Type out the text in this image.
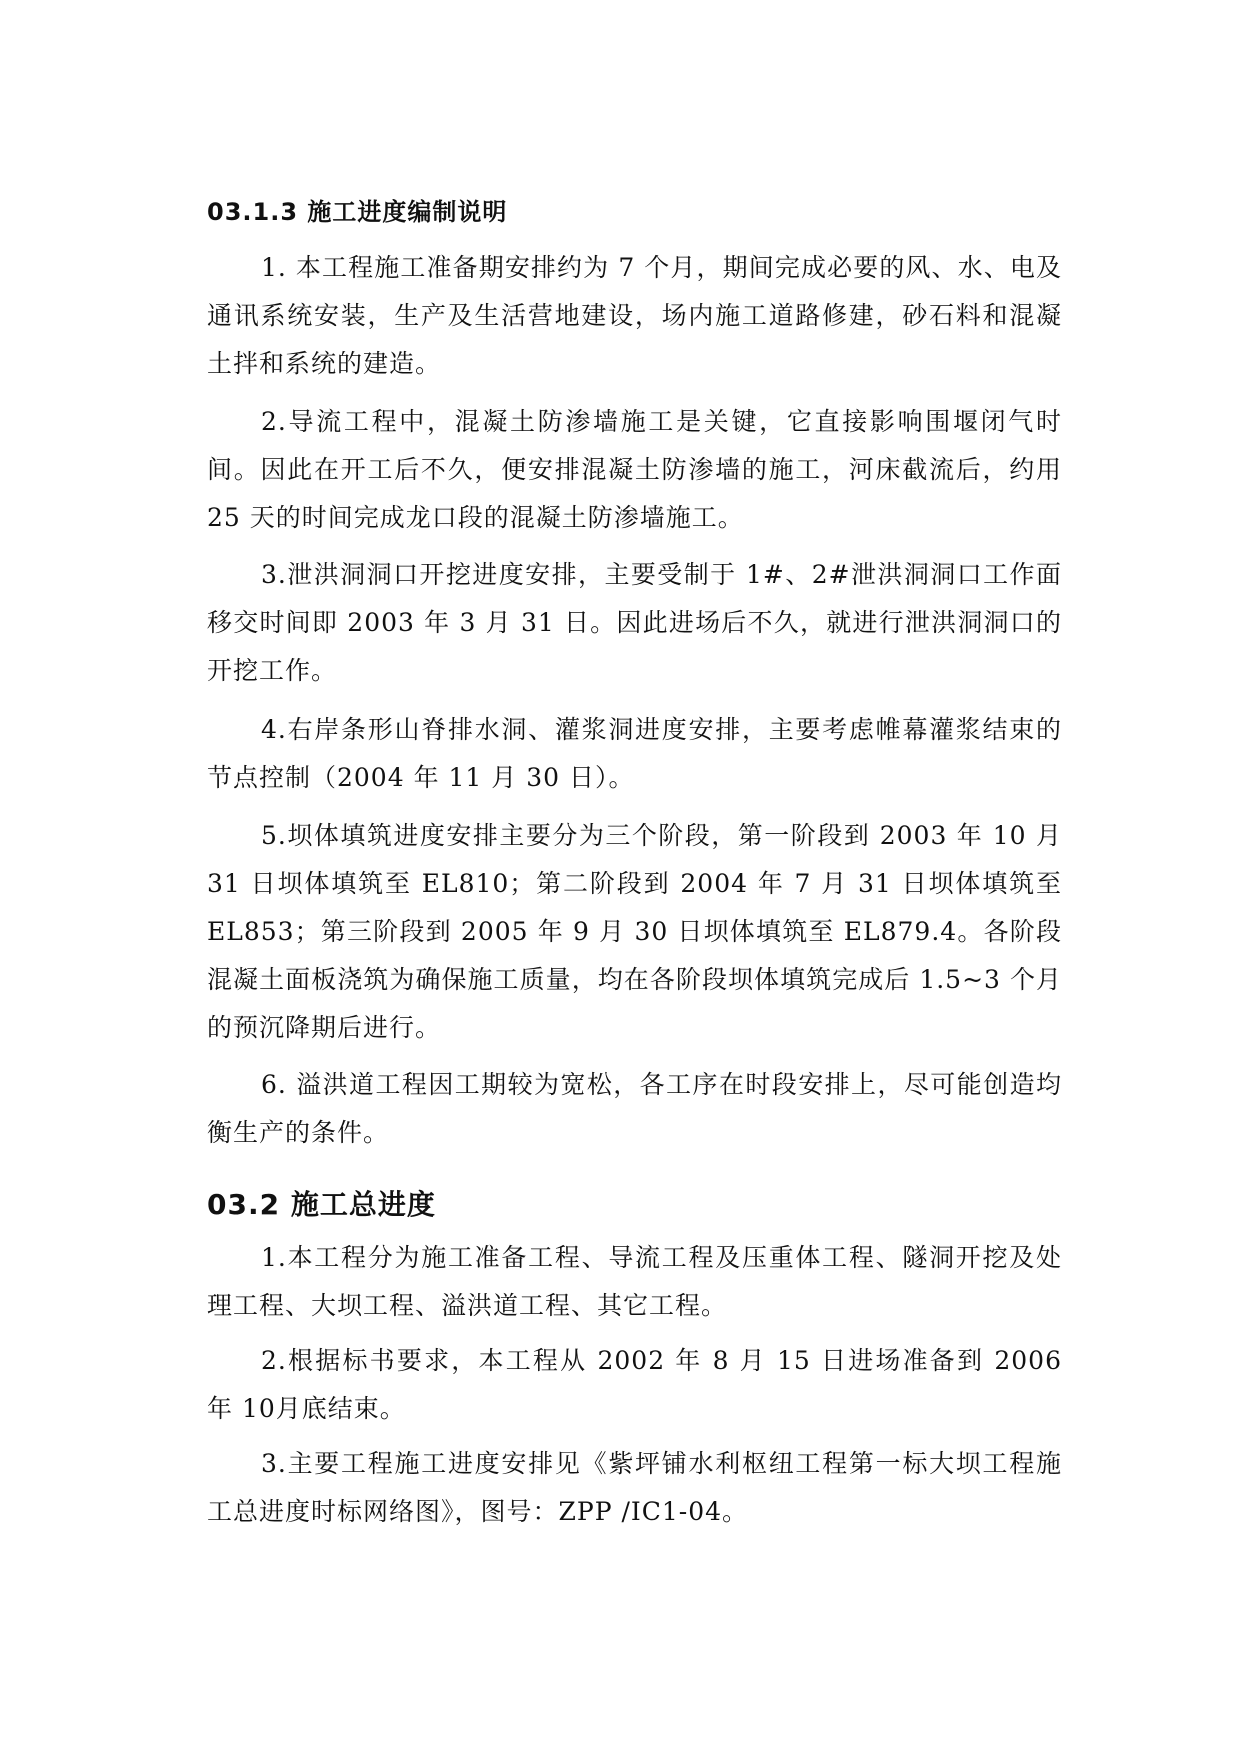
03.1.3 施工进度编制说明

1. 本工程施工准备期安排约为 7 个月，期间完成必要的风、水、电及通讯系统安装，生产及生活营地建设，场内施工道路修建，砂石料和混凝土拌和系统的建造。

2.导流工程中，混凝土防渗墙施工是关键，它直接影响围堰闭气时间。因此在开工后不久，便安排混凝土防渗墙的施工，河床截流后，约用 25 天的时间完成龙口段的混凝土防渗墙施工。

3.泄洪洞洞口开挖进度安排，主要受制于 1#、2#泄洪洞洞口工作面移交时间即 2003 年 3 月 31 日。因此进场后不久，就进行泄洪洞洞口的开挖工作。

4.右岸条形山脊排水洞、灌浆洞进度安排，主要考虑帷幕灌浆结束的节点控制（2004 年 11 月 30 日）。

5.坝体填筑进度安排主要分为三个阶段，第一阶段到 2003 年 10 月 31 日坝体填筑至 EL810；第二阶段到 2004 年 7 月 31 日坝体填筑至 EL853；第三阶段到 2005 年 9 月 30 日坝体填筑至 EL879.4。各阶段混凝土面板浇筑为确保施工质量，均在各阶段坝体填筑完成后 1.5~3 个月的预沉降期后进行。

6. 溢洪道工程因工期较为宽松，各工序在时段安排上，尽可能创造均衡生产的条件。

03.2 施工总进度

1.本工程分为施工准备工程、导流工程及压重体工程、隧洞开挖及处理工程、大坝工程、溢洪道工程、其它工程。

2.根据标书要求，本工程从 2002 年 8 月 15 日进场准备到 2006 年 10月底结束。

3.主要工程施工进度安排见《紫坪铺水利枢纽工程第一标大坝工程施工总进度时标网络图》，图号：ZPP /IC1-04。
